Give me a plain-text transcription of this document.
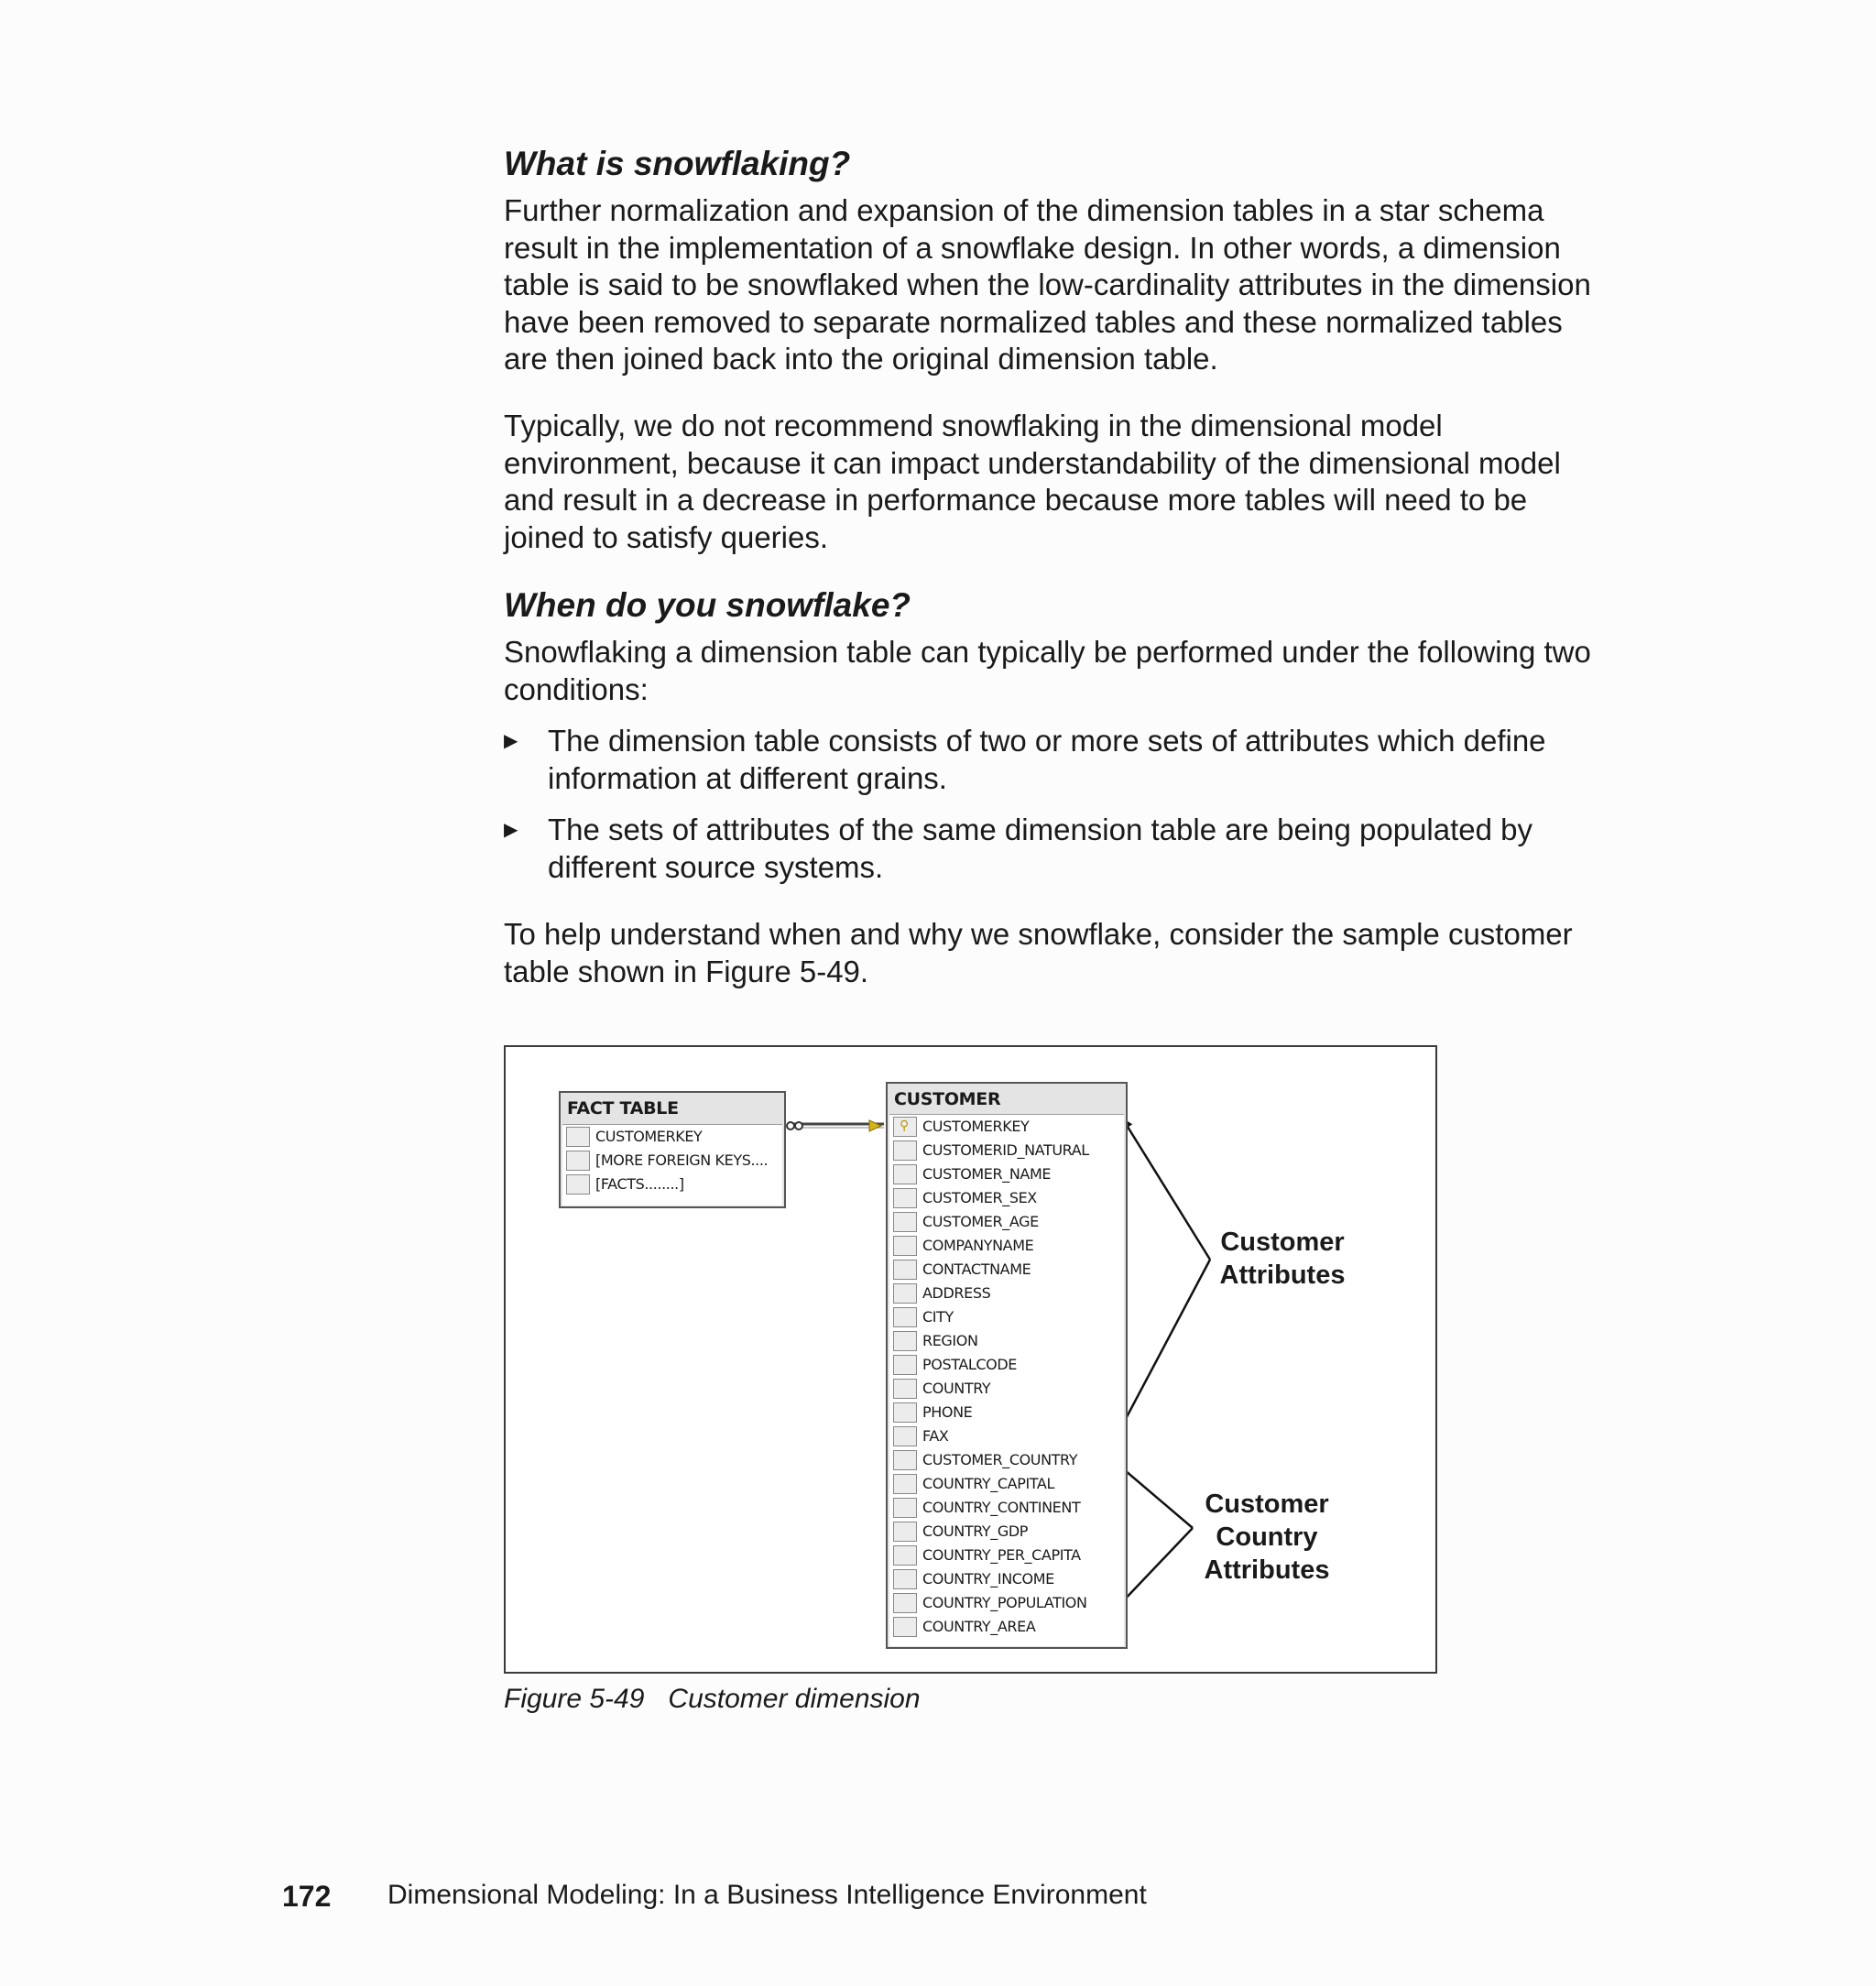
What is snowflaking?

Further normalization and expansion of the dimension tables in a star schema result in the implementation of a snowflake design. In other words, a dimension table is said to be snowflaked when the low-cardinality attributes in the dimension have been removed to separate normalized tables and these normalized tables are then joined back into the original dimension table.

Typically, we do not recommend snowflaking in the dimensional model environment, because it can impact understandability of the dimensional model and result in a decrease in performance because more tables will need to be joined to satisfy queries.

When do you snowflake?

Snowflaking a dimension table can typically be performed under the following two conditions:

▶ The dimension table consists of two or more sets of attributes which define information at different grains.
▶ The sets of attributes of the same dimension table are being populated by different source systems.

To help understand when and why we snowflake, consider the sample customer table shown in Figure 5-49.

FACT TABLE
CUSTOMERKEY
[MORE FOREIGN KEYS....
[FACTS........]
CUSTOMER
⚲ CUSTOMERKEY
CUSTOMERID_NATURAL
CUSTOMER_NAME
CUSTOMER_SEX
CUSTOMER_AGE
COMPANYNAME
CONTACTNAME
ADDRESS
CITY
REGION
POSTALCODE
COUNTRY
PHONE
FAX
CUSTOMER_COUNTRY
COUNTRY_CAPITAL
COUNTRY_CONTINENT
COUNTRY_GDP
COUNTRY_PER_CAPITA
COUNTRY_INCOME
COUNTRY_POPULATION
COUNTRY_AREA
Customer
Attributes
Customer
Country
Attributes
Figure 5-49 Customer dimension
172 Dimensional Modeling: In a Business Intelligence Environment
